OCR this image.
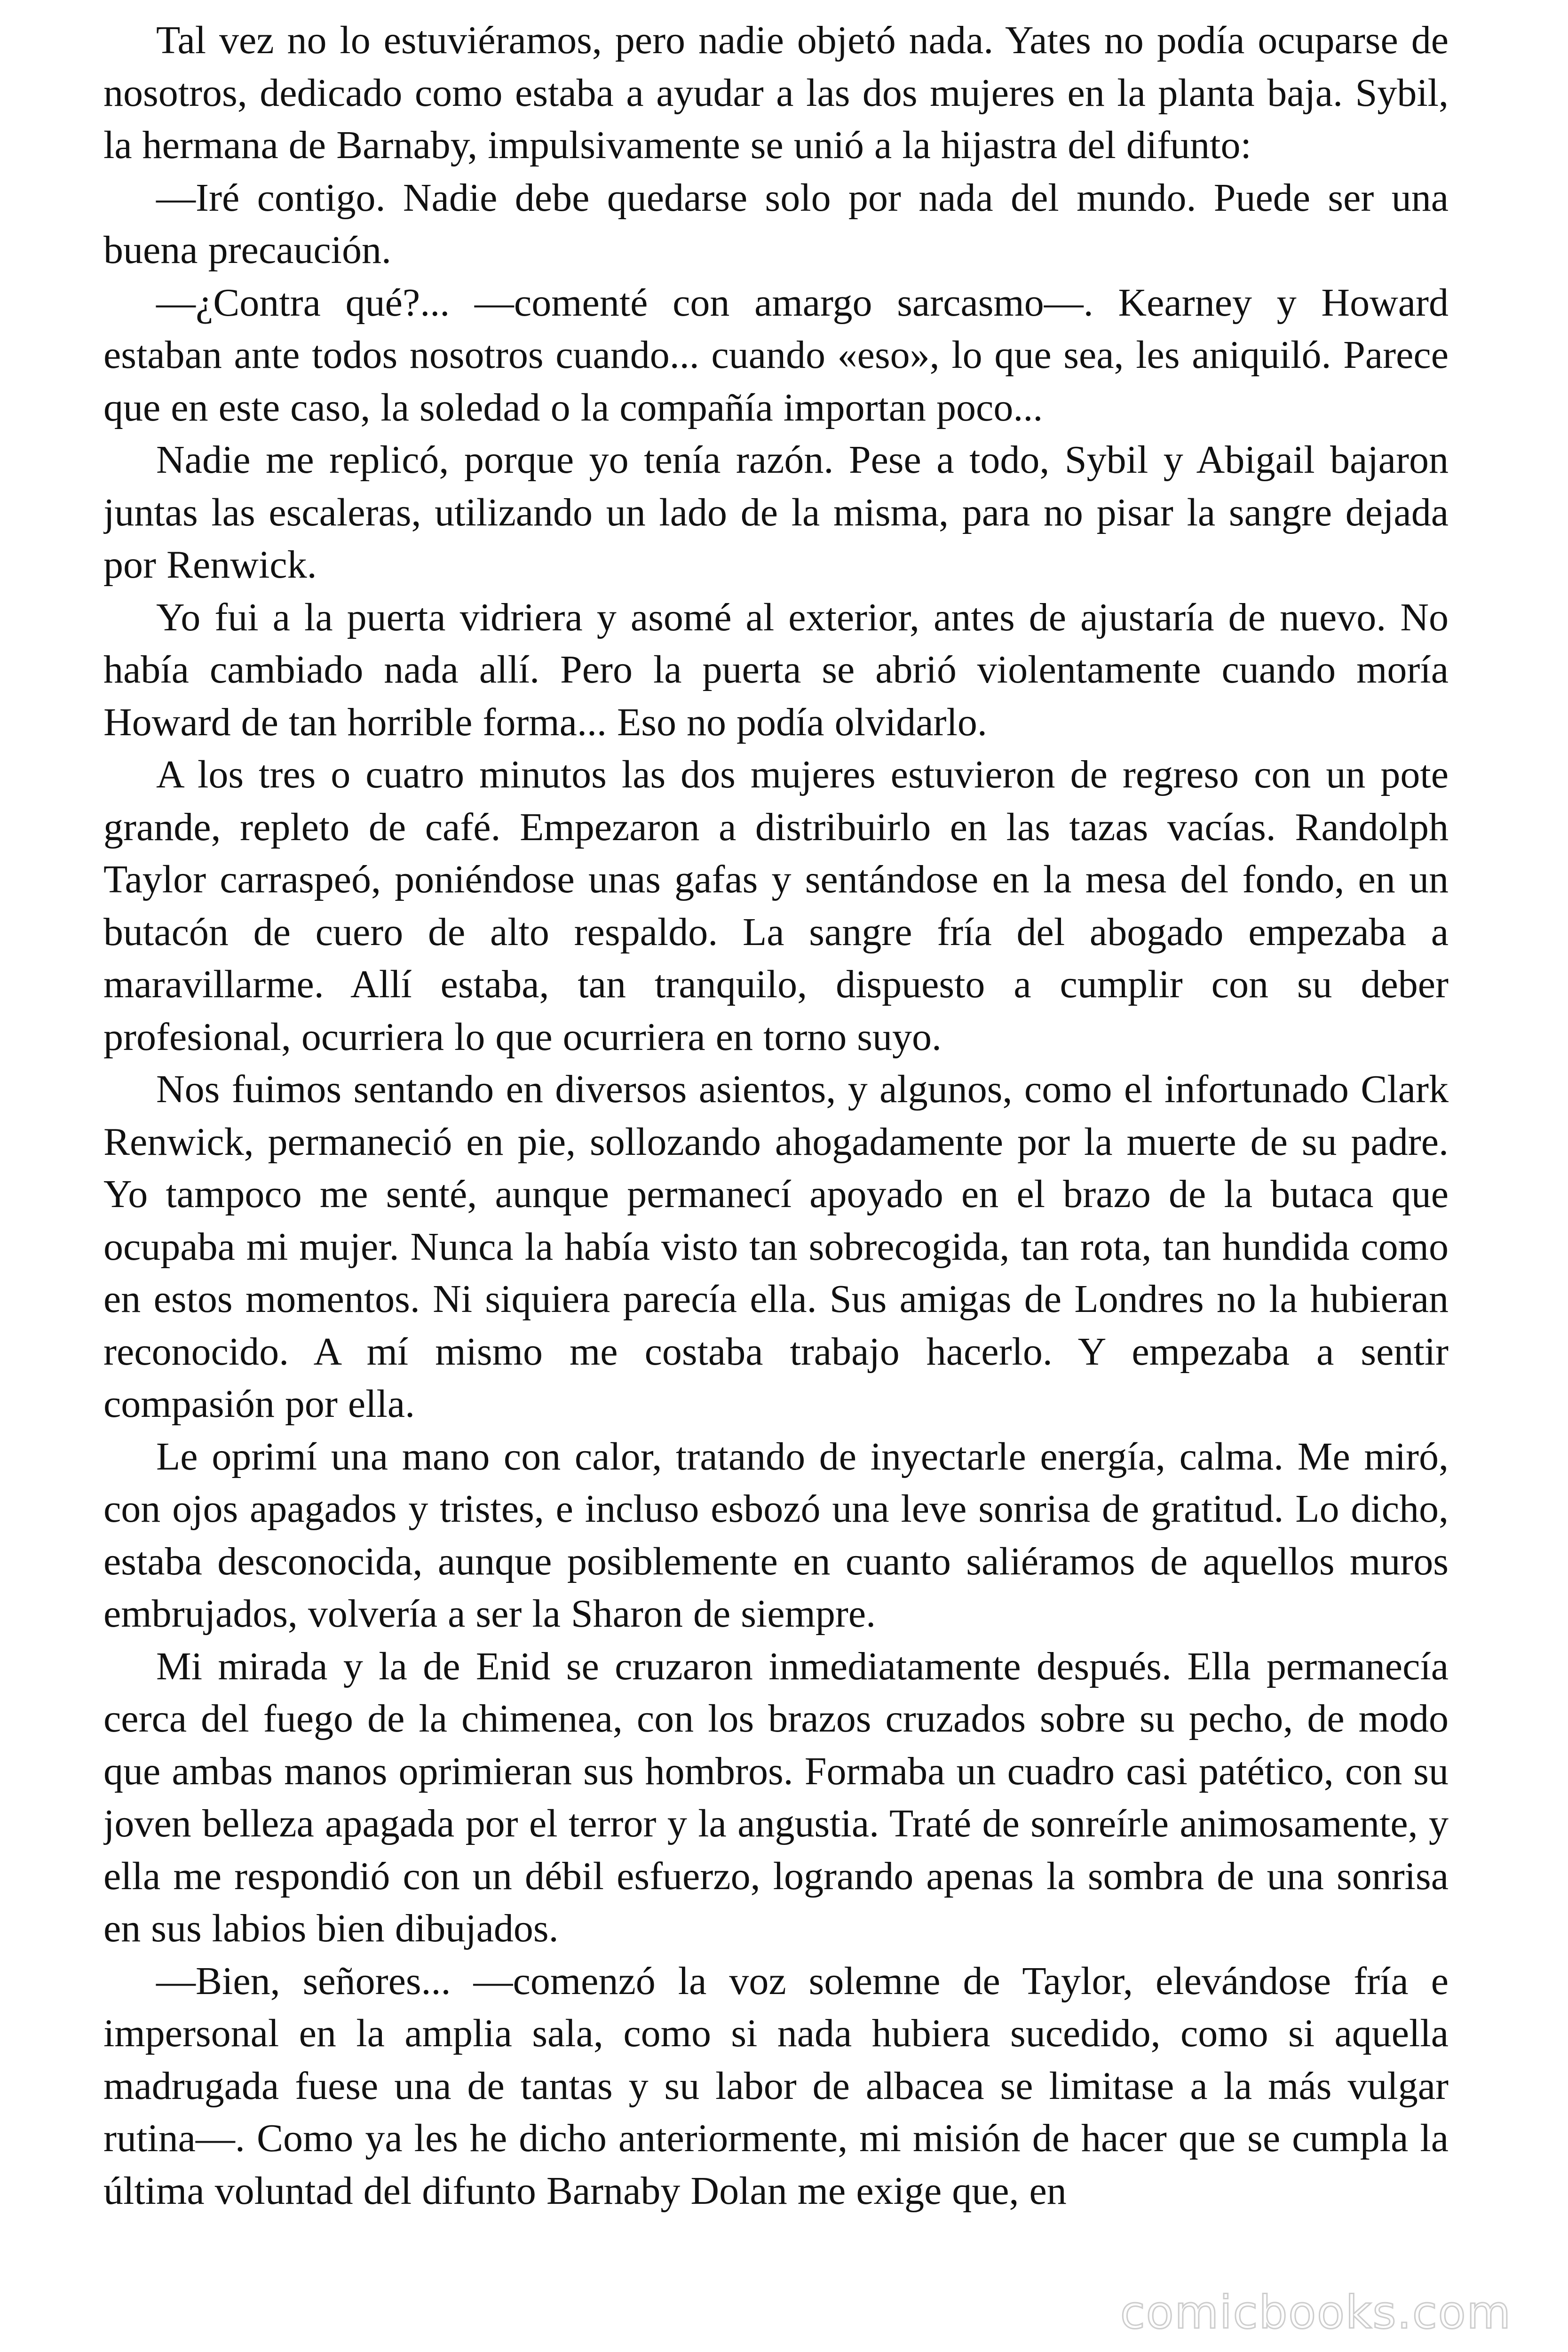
Tal vez no lo estuviéramos, pero nadie objetó nada. Yates no podía ocuparse de nosotros, dedicado como estaba a ayudar a las dos mujeres en la planta baja. Sybil, la hermana de Barnaby, impulsivamente se unió a la hijastra del difunto:

—Iré contigo. Nadie debe quedarse solo por nada del mundo. Puede ser una buena precaución.

—¿Contra qué?... —comenté con amargo sarcasmo—. Kearney y Howard estaban ante todos nosotros cuando... cuando «eso», lo que sea, les aniquiló. Parece que en este caso, la soledad o la compañía importan poco...

Nadie me replicó, porque yo tenía razón. Pese a todo, Sybil y Abigail bajaron juntas las escaleras, utilizando un lado de la misma, para no pisar la sangre dejada por Renwick.

Yo fui a la puerta vidriera y asomé al exterior, antes de ajustaría de nuevo. No había cambiado nada allí. Pero la puerta se abrió violentamente cuando moría Howard de tan horrible forma... Eso no podía olvidarlo.

A los tres o cuatro minutos las dos mujeres estuvieron de regreso con un pote grande, repleto de café. Empezaron a distribuirlo en las tazas vacías. Randolph Taylor carraspeó, poniéndose unas gafas y sentándose en la mesa del fondo, en un butacón de cuero de alto respaldo. La sangre fría del abogado empezaba a maravillarme. Allí estaba, tan tranquilo, dispuesto a cumplir con su deber profesional, ocurriera lo que ocurriera en torno suyo.

Nos fuimos sentando en diversos asientos, y algunos, como el infortunado Clark Renwick, permaneció en pie, sollozando ahogadamente por la muerte de su padre. Yo tampoco me senté, aunque permanecí apoyado en el brazo de la butaca que ocupaba mi mujer. Nunca la había visto tan sobrecogida, tan rota, tan hundida como en estos momentos. Ni siquiera parecía ella. Sus amigas de Londres no la hubieran reconocido. A mí mismo me costaba trabajo hacerlo. Y empezaba a sentir compasión por ella.

Le oprimí una mano con calor, tratando de inyectarle energía, calma. Me miró, con ojos apagados y tristes, e incluso esbozó una leve sonrisa de gratitud. Lo dicho, estaba desconocida, aunque posiblemente en cuanto saliéramos de aquellos muros embrujados, volvería a ser la Sharon de siempre.

Mi mirada y la de Enid se cruzaron inmediatamente después. Ella permanecía cerca del fuego de la chimenea, con los brazos cruzados sobre su pecho, de modo que ambas manos oprimieran sus hombros. Formaba un cuadro casi patético, con su joven belleza apagada por el terror y la angustia. Traté de sonreírle animosamente, y ella me respondió con un débil esfuerzo, logrando apenas la sombra de una sonrisa en sus labios bien dibujados.

—Bien, señores... —comenzó la voz solemne de Taylor, elevándose fría e impersonal en la amplia sala, como si nada hubiera sucedido, como si aquella madrugada fuese una de tantas y su labor de albacea se limitase a la más vulgar rutina—. Como ya les he dicho anteriormente, mi misión de hacer que se cumpla la última voluntad del difunto Barnaby Dolan me exige que, en

comicbooks.com
